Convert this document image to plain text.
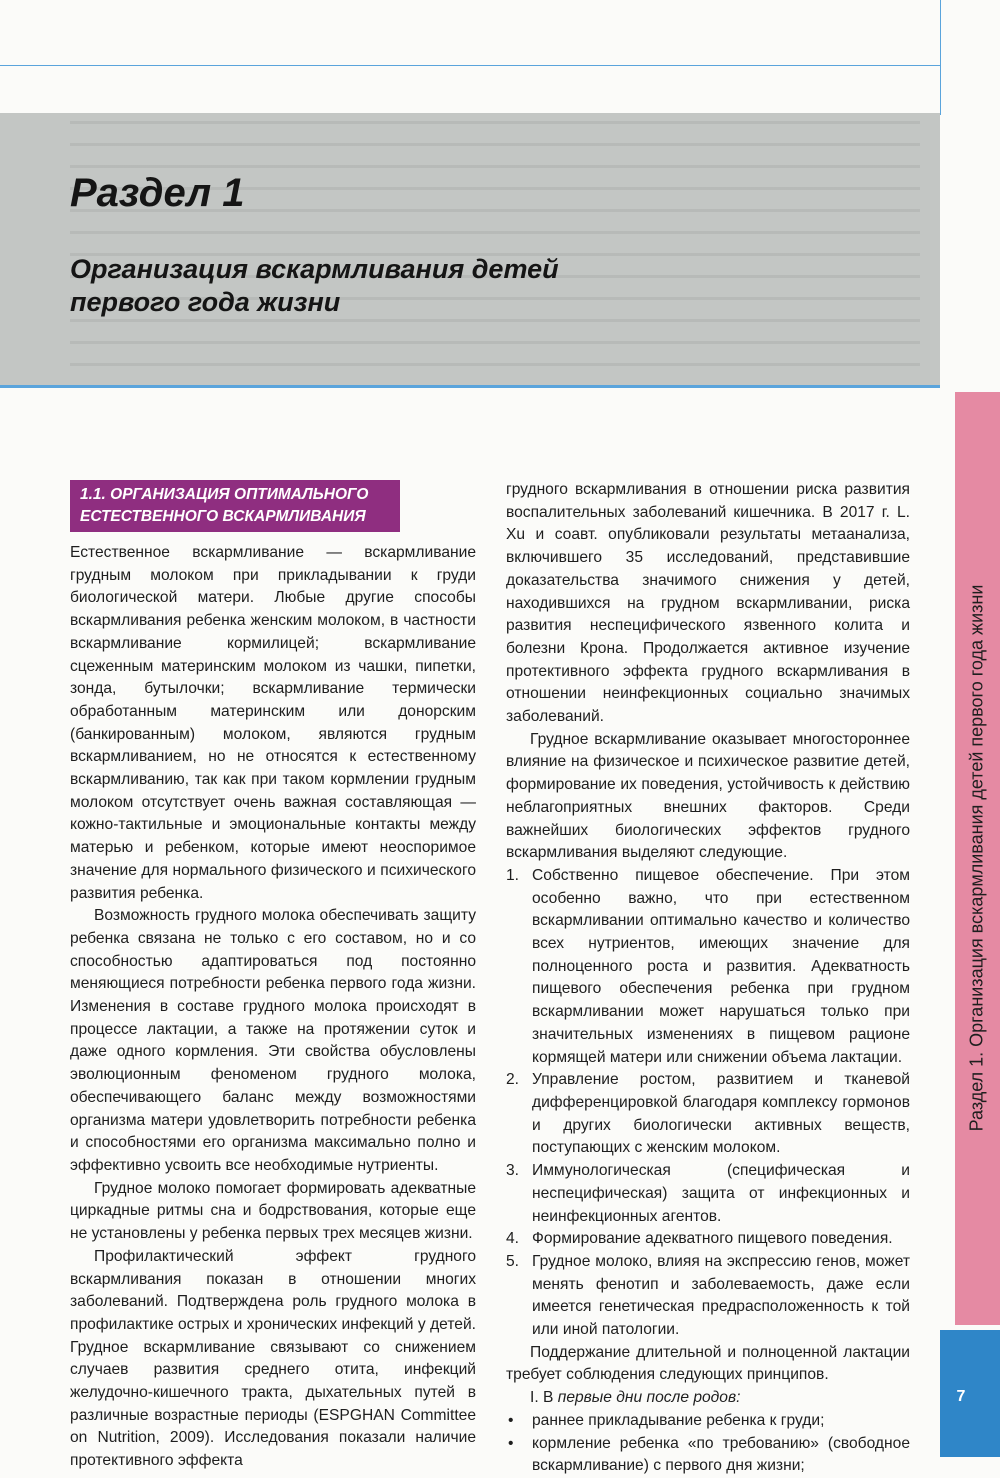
Раздел 1
Организация вскармливания детей
первого года жизни
Раздел 1. Организация вскармливания детей первого года жизни
7
1.1. ОРГАНИЗАЦИЯ ОПТИМАЛЬНОГО
ЕСТЕСТВЕННОГО ВСКАРМЛИВАНИЯ

Естественное вскармливание — вскармливание грудным молоком при прикладывании к груди биологической матери. Любые другие способы вскармливания ребенка женским молоком, в частности вскармливание кормилицей; вскармливание сцеженным материнским молоком из чашки, пипетки, зонда, бутылочки; вскармливание термически обработанным материнским или донорским (банкированным) молоком, являются грудным вскармливанием, но не относятся к естественному вскармливанию, так как при таком кормлении грудным молоком отсутствует очень важная составляющая — кожно-тактильные и эмоциональные контакты между матерью и ребенком, которые имеют неоспоримое значение для нормального физического и психического развития ребенка.

Возможность грудного молока обеспечивать защиту ребенка связана не только с его составом, но и со способностью адаптироваться под постоянно меняющиеся потребности ребенка первого года жизни. Изменения в составе грудного молока происходят в процессе лактации, а также на протяжении суток и даже одного кормления. Эти свойства обусловлены эволюционным феноменом грудного молока, обеспечивающего баланс между возможностями организма матери удовлетворить потребности ребенка и способностями его организма максимально полно и эффективно усвоить все необходимые нутриенты.

Грудное молоко помогает формировать адекватные циркадные ритмы сна и бодрствования, которые еще не установлены у ребенка первых трех месяцев жизни.

Профилактический эффект грудного вскармливания показан в отношении многих заболеваний. Подтверждена роль грудного молока в профилактике острых и хронических инфекций у детей. Грудное вскармливание связывают со снижением случаев развития среднего отита, инфекций желудочно-кишечного тракта, дыхательных путей в различные возрастные периоды (ESPGHAN Committee on Nutrition, 2009). Исследования показали наличие протективного эффекта

грудного вскармливания в отношении риска развития воспалительных заболеваний кишечника. В 2017 г. L. Xu и соавт. опубликовали результаты метаанализа, включившего 35 исследований, представившие доказательства значимого снижения у детей, находившихся на грудном вскармливании, риска развития неспецифического язвенного колита и болезни Крона. Продолжается активное изучение протективного эффекта грудного вскармливания в отношении неинфекционных социально значимых заболеваний.

Грудное вскармливание оказывает многостороннее влияние на физическое и психическое развитие детей, формирование их поведения, устойчивость к действию неблагоприятных внешних факторов. Среди важнейших биологических эффектов грудного вскармливания выделяют следующие.

1. Собственно пищевое обеспечение. При этом особенно важно, что при естественном вскармливании оптимально качество и количество всех нутриентов, имеющих значение для полноценного роста и развития. Адекватность пищевого обеспечения ребенка при грудном вскармливании может нарушаться только при значительных изменениях в пищевом рационе кормящей матери или снижении объема лактации.
2. Управление ростом, развитием и тканевой дифференцировкой благодаря комплексу гормонов и других биологически активных веществ, поступающих с женским молоком.
3. Иммунологическая (специфическая и неспецифическая) защита от инфекционных и неинфекционных агентов.
4. Формирование адекватного пищевого поведения.
5. Грудное молоко, влияя на экспрессию генов, может менять фенотип и заболеваемость, даже если имеется генетическая предрасположенность к той или иной патологии.

Поддержание длительной и полноценной лактации требует соблюдения следующих принципов.

I. В первые дни после родов:

• раннее прикладывание ребенка к груди;
• кормление ребенка «по требованию» (свободное вскармливание) с первого дня жизни;
